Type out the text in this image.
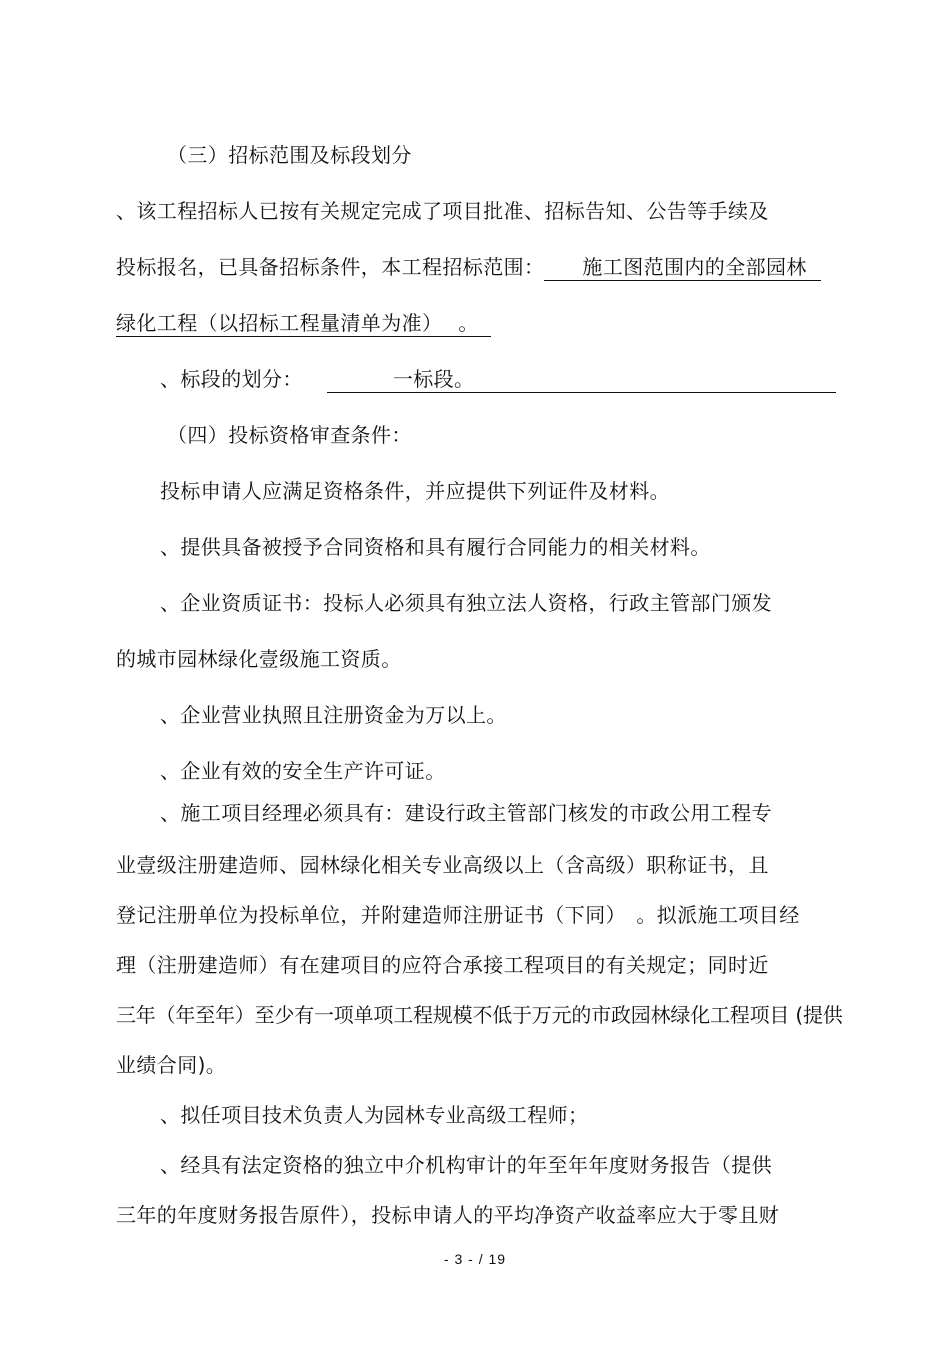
（三）招标范围及标段划分
、该工程招标人已按有关规定完成了项目批准、招标告知、公告等手续及
投标报名，已具备招标条件，本工程招标范围： 施工图范围内的全部园林
绿化工程（以招标工程量清单为准） 。
、标段的划分：	一标段。
（四）投标资格审查条件：
投标申请人应满足资格条件，并应提供下列证件及材料。
、提供具备被授予合同资格和具有履行合同能力的相关材料。
、企业资质证书：投标人必须具有独立法人资格，行政主管部门颁发
的城市园林绿化壹级施工资质。
、企业营业执照且注册资金为万以上。
、企业有效的安全生产许可证。
、施工项目经理必须具有：建设行政主管部门核发的市政公用工程专
业壹级注册建造师、园林绿化相关专业高级以上（含高级）职称证书，且
登记注册单位为投标单位，并附建造师注册证书（下同）　。拟派施工项目经
理（注册建造师）有在建项目的应符合承接工程项目的有关规定；同时近
三年（年至年）至少有一项单项工程规模不低于万元的市政园林绿化工程项目 (提供
业绩合同)。
、拟任项目技术负责人为园林专业高级工程师；
、经具有法定资格的独立中介机构审计的年至年年度财务报告（提供
三年的年度财务报告原件），投标申请人的平均净资产收益率应大于零且财
- 3 - / 19
